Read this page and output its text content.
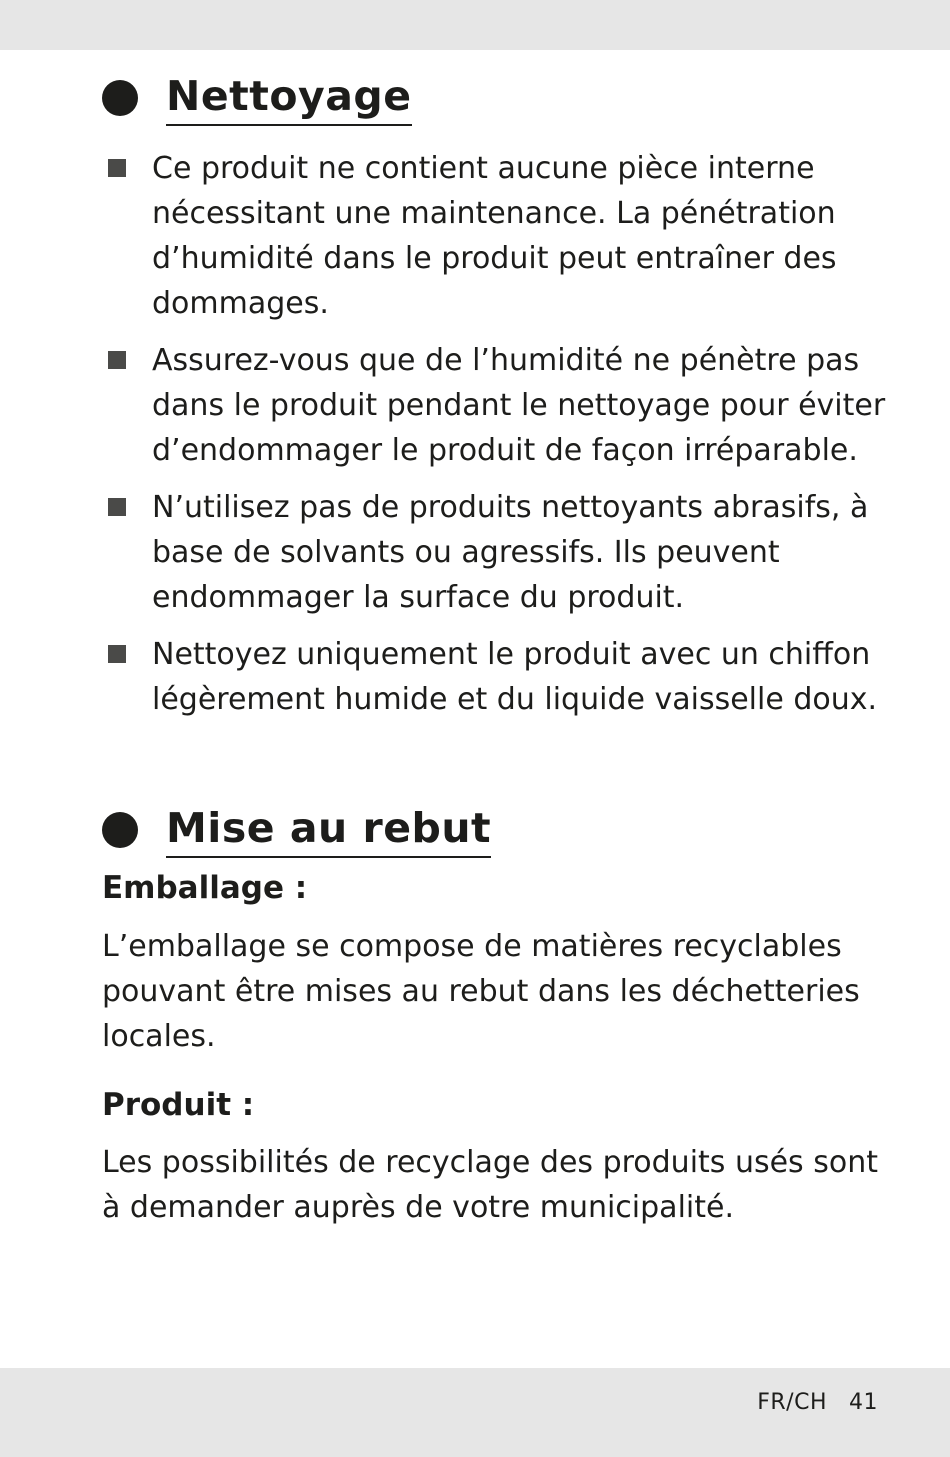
Nettoyage
Ce produit ne contient aucune pièce interne nécessitant une maintenance. La pénétration d’humidité dans le produit peut entraîner des dommages.
Assurez-vous que de l’humidité ne pénètre pas dans le produit pendant le nettoyage pour éviter d’endommager le produit de façon irréparable.
N’utilisez pas de produits nettoyants abrasifs, à base de solvants ou agressifs. Ils peuvent endommager la surface du produit.
Nettoyez uniquement le produit avec un chiffon légèrement humide et du liquide vaisselle doux.
Mise au rebut
Emballage :
L’emballage se compose de matières recyclables pouvant être mises au rebut dans les déchetteries locales.
Produit :
Les possibilités de recyclage des produits usés sont à demander auprès de votre municipalité.
FR/CH 41
